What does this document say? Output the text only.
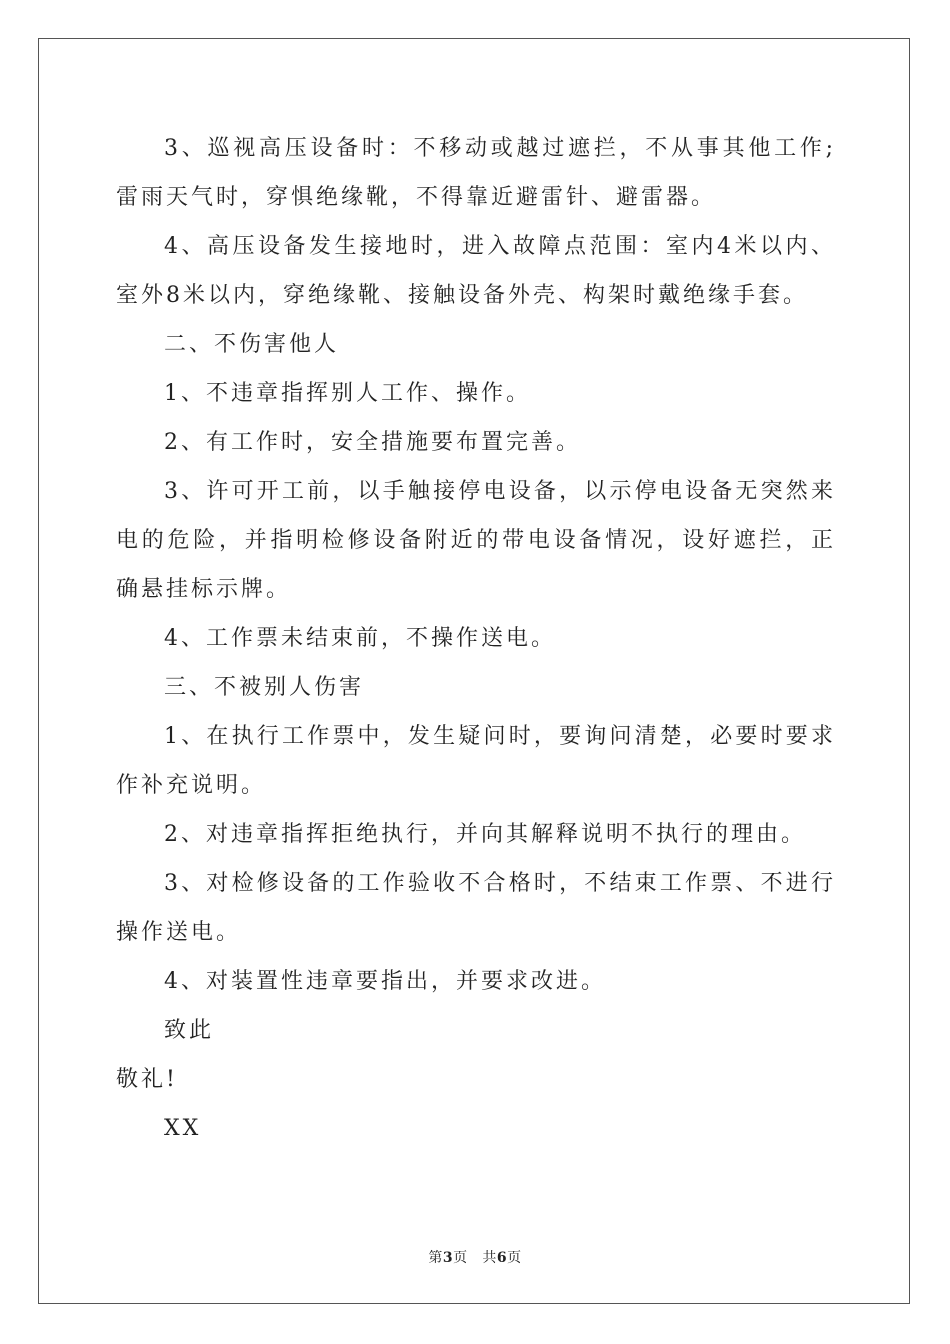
3、巡视高压设备时：不移动或越过遮拦，不从事其他工作;雷雨天气时，穿惧绝缘靴，不得靠近避雷针、避雷器。

4、高压设备发生接地时，进入故障点范围：室内4米以内、室外8米以内，穿绝缘靴、接触设备外壳、构架时戴绝缘手套。

二、不伤害他人

1、不违章指挥别人工作、操作。

2、有工作时，安全措施要布置完善。

3、许可开工前，以手触接停电设备，以示停电设备无突然来电的危险，并指明检修设备附近的带电设备情况，设好遮拦，正确悬挂标示牌。

4、工作票未结束前，不操作送电。

三、不被别人伤害

1、在执行工作票中，发生疑问时，要询问清楚，必要时要求作补充说明。

2、对违章指挥拒绝执行，并向其解释说明不执行的理由。

3、对检修设备的工作验收不合格时，不结束工作票、不进行操作送电。

4、对装置性违章要指出，并要求改进。

致此

敬礼!

XX

第3页 共6页
